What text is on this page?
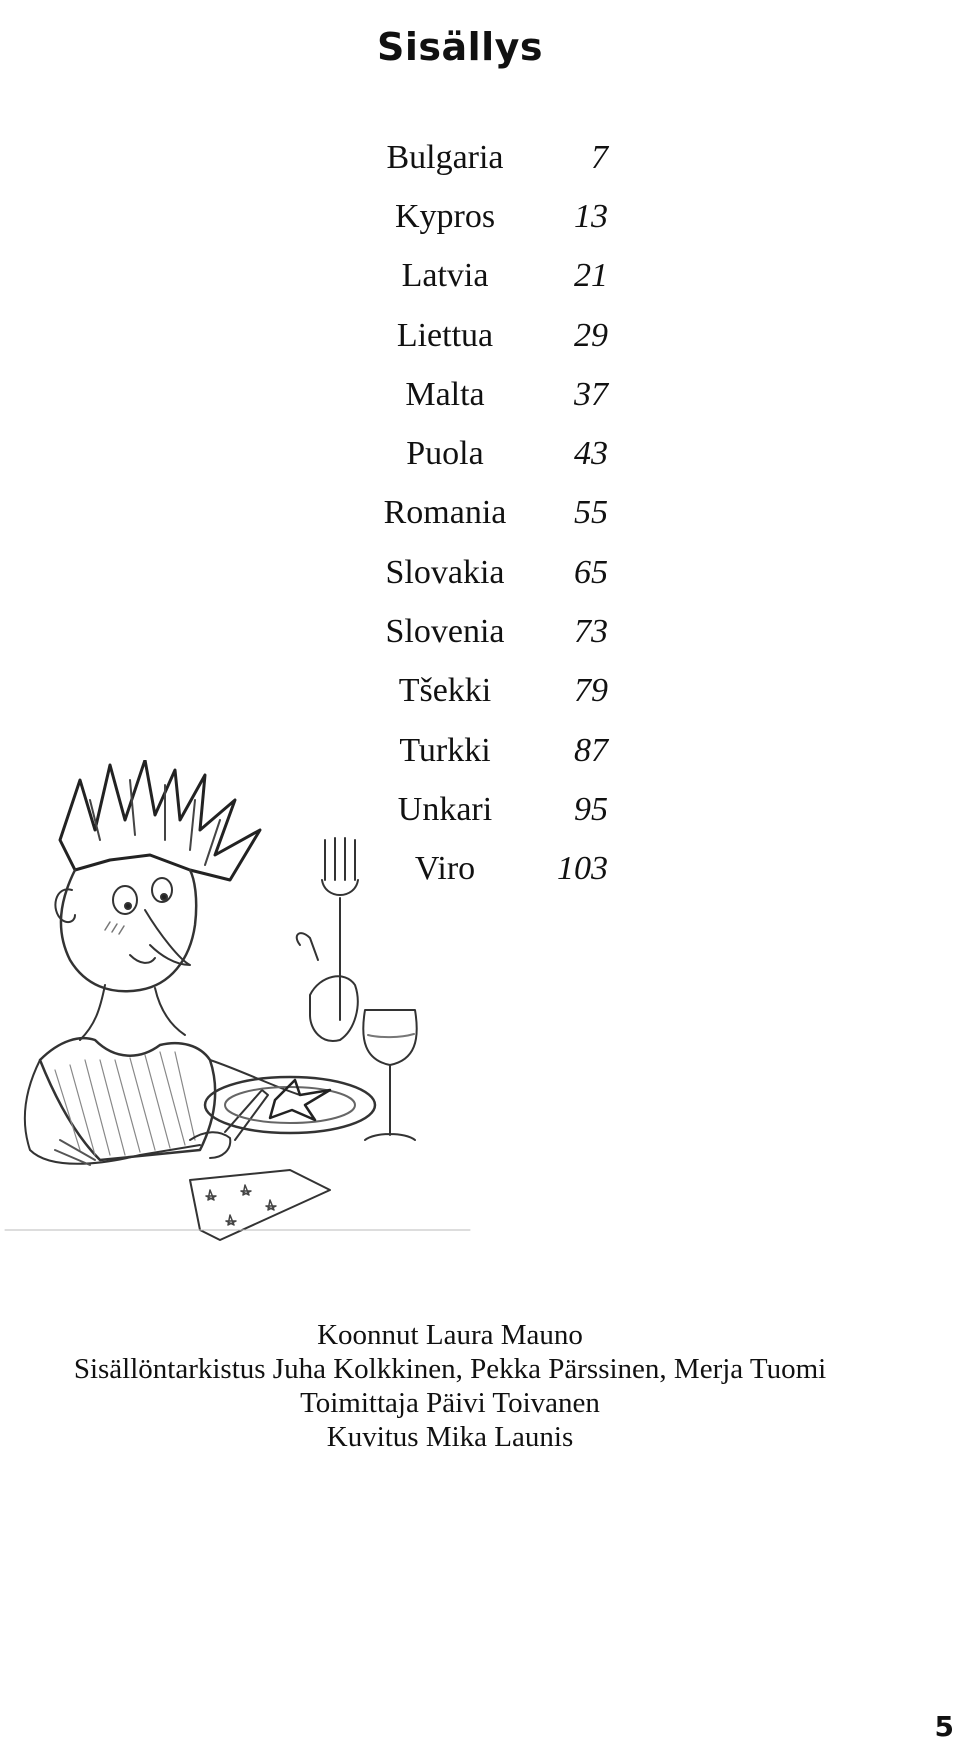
Sisällys
Bulgaria	7
Kypros	13
Latvia	21
Liettua	29
Malta	37
Puola	43
Romania	55
Slovakia	65
Slovenia	73
Tšekki	79
Turkki	87
Unkari	95
Viro	103
Koonnut Laura Mauno
Sisällöntarkistus Juha Kolkkinen, Pekka Pärssinen, Merja Tuomi
Toimittaja Päivi Toivanen
Kuvitus Mika Launis
5
